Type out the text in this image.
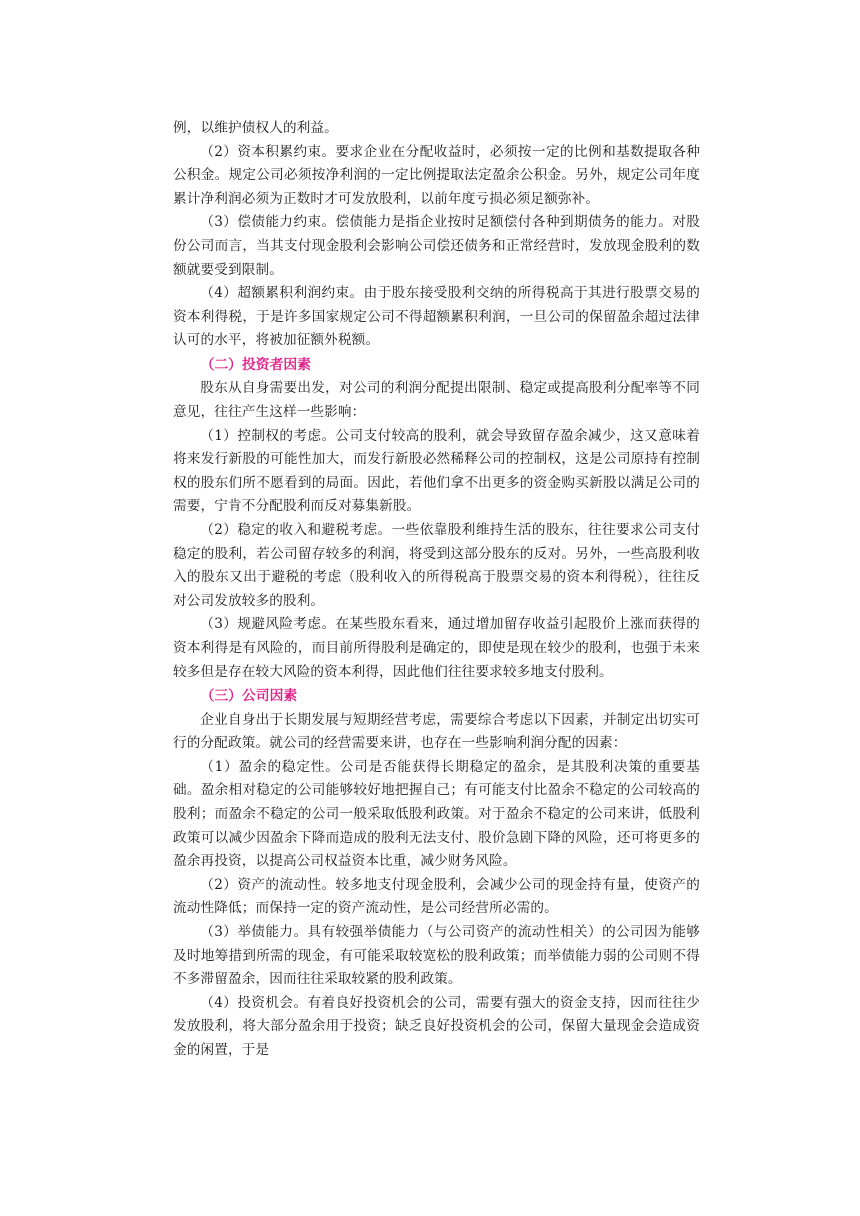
例，以维护债权人的利益。

（2）资本积累约束。要求企业在分配收益时，必须按一定的比例和基数提取各种公积金。规定公司必须按净利润的一定比例提取法定盈余公积金。另外，规定公司年度累计净利润必须为正数时才可发放股利，以前年度亏损必须足额弥补。

（3）偿债能力约束。偿债能力是指企业按时足额偿付各种到期债务的能力。对股份公司而言，当其支付现金股利会影响公司偿还债务和正常经营时，发放现金股利的数额就要受到限制。

（4）超额累积利润约束。由于股东接受股利交纳的所得税高于其进行股票交易的资本利得税，于是许多国家规定公司不得超额累积利润，一旦公司的保留盈余超过法律认可的水平，将被加征额外税额。

（二）投资者因素

股东从自身需要出发，对公司的利润分配提出限制、稳定或提高股利分配率等不同意见，往往产生这样一些影响：

（1）控制权的考虑。公司支付较高的股利，就会导致留存盈余减少，这又意味着将来发行新股的可能性加大，而发行新股必然稀释公司的控制权，这是公司原持有控制权的股东们所不愿看到的局面。因此，若他们拿不出更多的资金购买新股以满足公司的需要，宁肯不分配股利而反对募集新股。

（2）稳定的收入和避税考虑。一些依靠股利维持生活的股东，往往要求公司支付稳定的股利，若公司留存较多的利润，将受到这部分股东的反对。另外，一些高股利收入的股东又出于避税的考虑（股利收入的所得税高于股票交易的资本利得税），往往反对公司发放较多的股利。

（3）规避风险考虑。在某些股东看来，通过增加留存收益引起股价上涨而获得的资本利得是有风险的，而目前所得股利是确定的，即使是现在较少的股利，也强于未来较多但是存在较大风险的资本利得，因此他们往往要求较多地支付股利。

（三）公司因素

企业自身出于长期发展与短期经营考虑，需要综合考虑以下因素，并制定出切实可行的分配政策。就公司的经营需要来讲，也存在一些影响利润分配的因素：

（1）盈余的稳定性。公司是否能获得长期稳定的盈余，是其股利决策的重要基础。盈余相对稳定的公司能够较好地把握自己；有可能支付比盈余不稳定的公司较高的股利；而盈余不稳定的公司一般采取低股利政策。对于盈余不稳定的公司来讲，低股利政策可以减少因盈余下降而造成的股利无法支付、股价急剧下降的风险，还可将更多的盈余再投资，以提高公司权益资本比重，减少财务风险。

（2）资产的流动性。较多地支付现金股利，会减少公司的现金持有量，使资产的流动性降低；而保持一定的资产流动性，是公司经营所必需的。

（3）举债能力。具有较强举债能力（与公司资产的流动性相关）的公司因为能够及时地筹措到所需的现金，有可能采取较宽松的股利政策；而举债能力弱的公司则不得不多滞留盈余，因而往往采取较紧的股利政策。

（4）投资机会。有着良好投资机会的公司，需要有强大的资金支持，因而往往少发放股利，将大部分盈余用于投资；缺乏良好投资机会的公司，保留大量现金会造成资金的闲置，于是
